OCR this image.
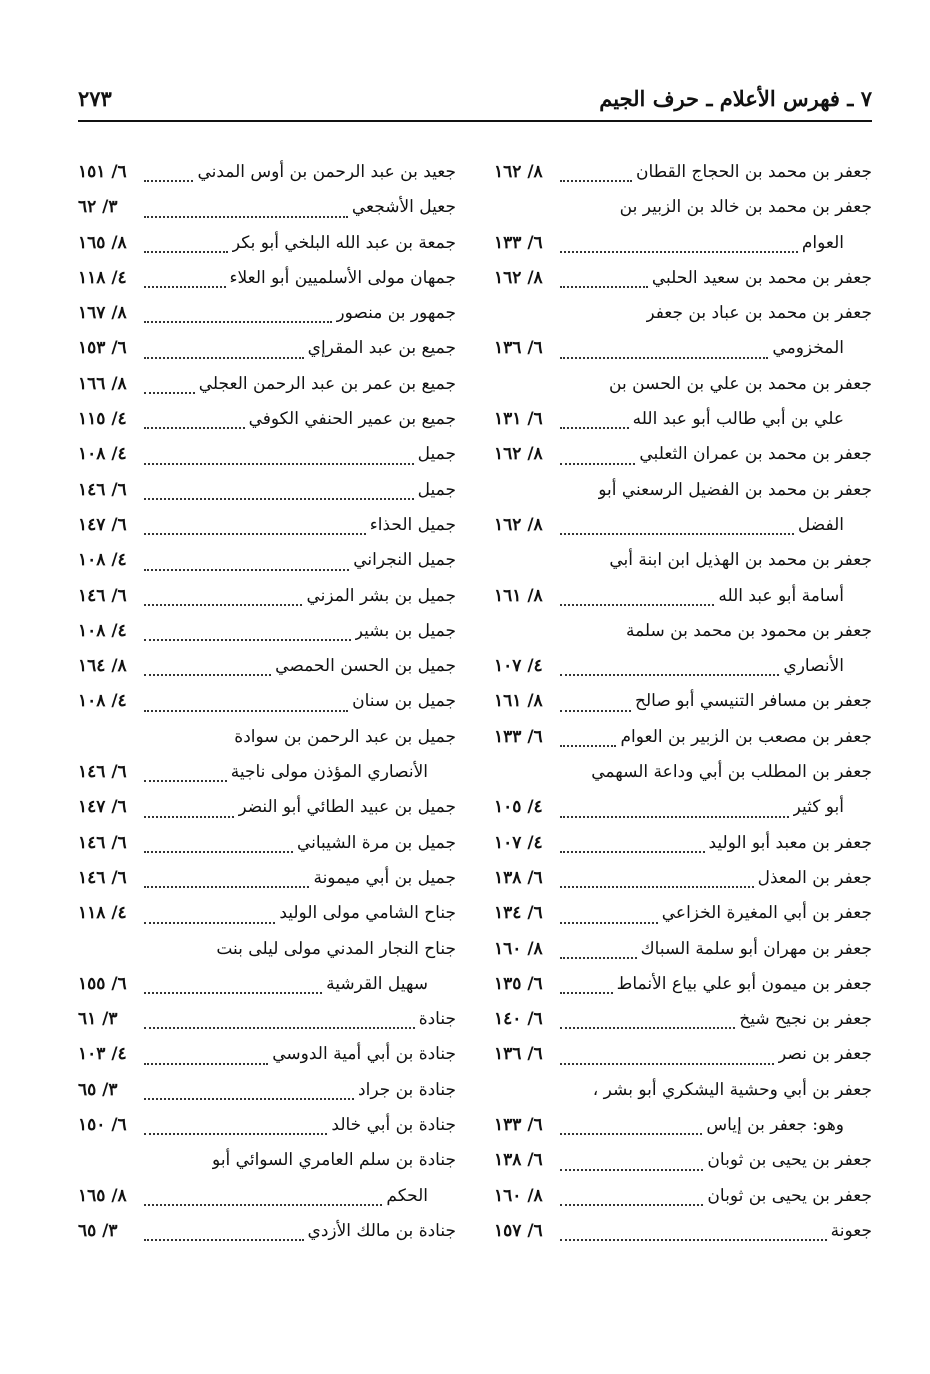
٧ ـ فهرس الأعلام ـ حرف الجيم
٢٧٣
جعفر بن محمد بن الحجاج القطان
٨/ ١٦٢
جعفر بن محمد بن خالد بن الزبير بن
العوام
٦/ ١٣٣
جعفر بن محمد بن سعيد الحلبي
٨/ ١٦٢
جعفر بن محمد بن عباد بن جعفر
المخزومي
٦/ ١٣٦
جعفر بن محمد بن علي بن الحسن بن
علي بن أبي طالب أبو عبد الله
٦/ ١٣١
جعفر بن محمد بن عمران الثعلبي
٨/ ١٦٢
جعفر بن محمد بن الفضيل الرسعني أبو
الفضل
٨/ ١٦٢
جعفر بن محمد بن الهذيل ابن ابنة أبي
أسامة أبو عبد الله
٨/ ١٦١
جعفر بن محمود بن محمد بن سلمة
الأنصاري
٤/ ١٠٧
جعفر بن مسافر التنيسي أبو صالح
٨/ ١٦١
جعفر بن مصعب بن الزبير بن العوام
٦/ ١٣٣
جعفر بن المطلب بن أبي وداعة السهمي
أبو كثير
٤/ ١٠٥
جعفر بن معبد أبو الوليد
٤/ ١٠٧
جعفر بن المعذل
٦/ ١٣٨
جعفر بن أبي المغيرة الخزاعي
٦/ ١٣٤
جعفر بن مهران أبو سلمة السباك
٨/ ١٦٠
جعفر بن ميمون أبو علي بياع الأنماط
٦/ ١٣٥
جعفر بن نجيح شيخ
٦/ ١٤٠
جعفر بن نصر
٦/ ١٣٦
جعفر بن أبي وحشية اليشكري أبو بشر ،
وهو: جعفر بن إياس
٦/ ١٣٣
جعفر بن يحيى بن ثوبان
٦/ ١٣٨
جعفر بن يحيى بن ثوبان
٨/ ١٦٠
جعونة
٦/ ١٥٧
جعيد بن عبد الرحمن بن أوس المدني
٦/ ١٥١
جعيل الأشجعي
٣/ ٦٢
جمعة بن عبد الله البلخي أبو بكر
٨/ ١٦٥
جمهان مولى الأسلميين أبو العلاء
٤/ ١١٨
جمهور بن منصور
٨/ ١٦٧
جميع بن عبد المقرإي
٦/ ١٥٣
جميع بن عمر بن عبد الرحمن العجلي
٨/ ١٦٦
جميع بن عمير الحنفي الكوفي
٤/ ١١٥
جميل
٤/ ١٠٨
جميل
٦/ ١٤٦
جميل الحذاء
٦/ ١٤٧
جميل النجراني
٤/ ١٠٨
جميل بن بشر المزني
٦/ ١٤٦
جميل بن بشير
٤/ ١٠٨
جميل بن الحسن الحمصي
٨/ ١٦٤
جميل بن سنان
٤/ ١٠٨
جميل بن عبد الرحمن بن سوادة
الأنصاري المؤذن مولى ناجية
٦/ ١٤٦
جميل بن عبيد الطائي أبو النضر
٦/ ١٤٧
جميل بن مرة الشيباني
٦/ ١٤٦
جميل بن أبي ميمونة
٦/ ١٤٦
جناح الشامي مولى الوليد
٤/ ١١٨
جناح النجار المدني مولى ليلى بنت
سهيل القرشية
٦/ ١٥٥
جنادة
٣/ ٦١
جنادة بن أبي أمية الدوسي
٤/ ١٠٣
جنادة بن جراد
٣/ ٦٥
جنادة بن أبي خالد
٦/ ١٥٠
جنادة بن سلم العامري السوائي أبو
الحكم
٨/ ١٦٥
جنادة بن مالك الأزدي
٣/ ٦٥
